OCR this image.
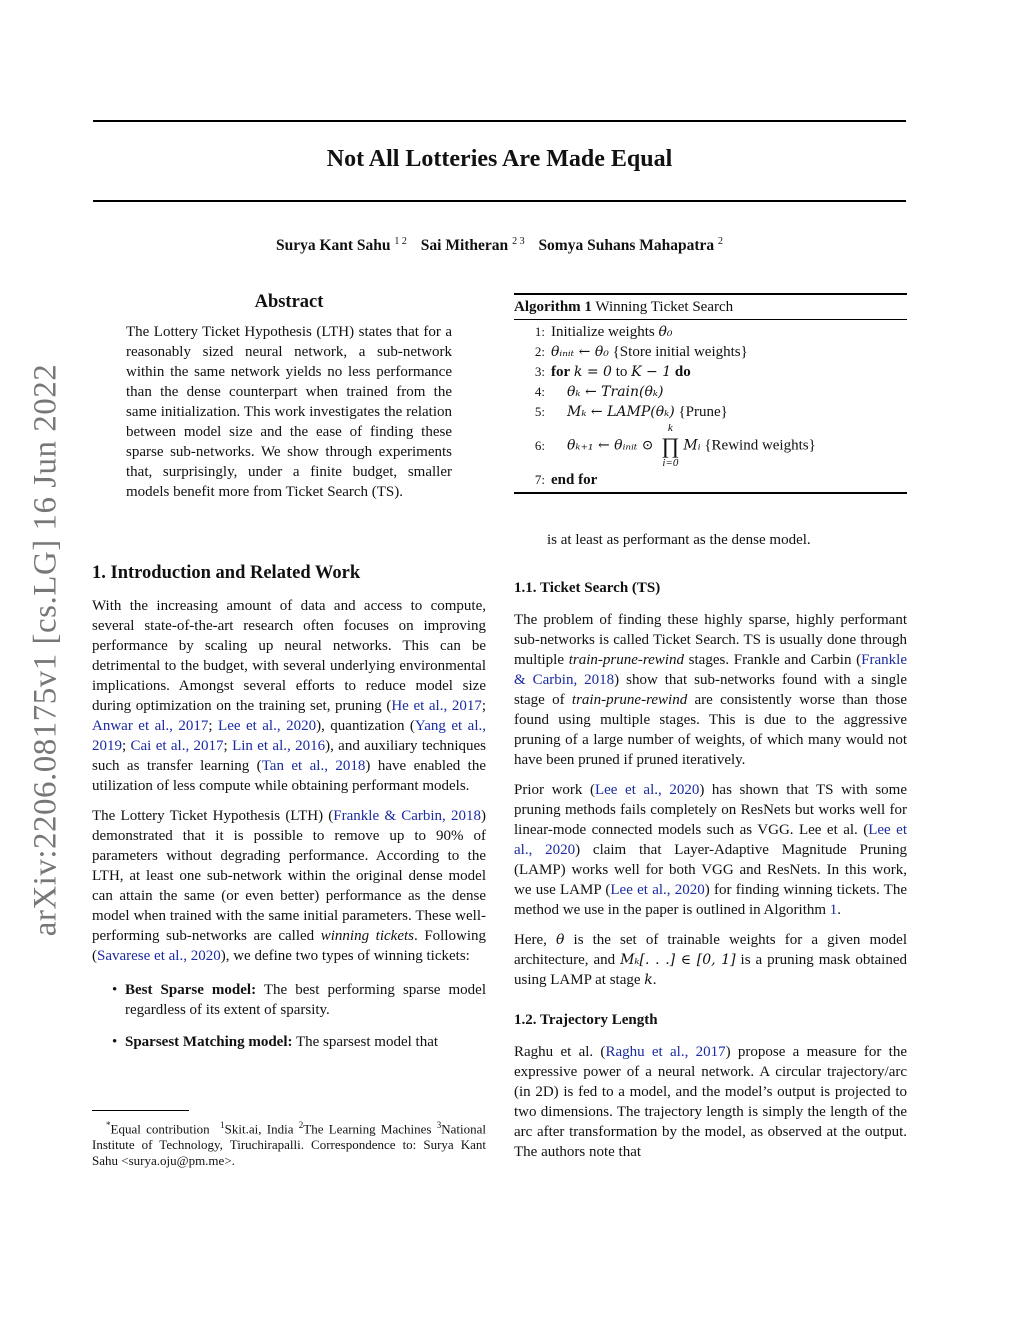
arXiv:2206.08175v1 [cs.LG] 16 Jun 2022
Not All Lotteries Are Made Equal
Surya Kant Sahu $^{1 2}$ Sai Mitheran $^{2 3}$ Somya Suhans Mahapatra $^2$
Abstract
The Lottery Ticket Hypothesis (LTH) states that for a reasonably sized neural network, a sub-network within the same network yields no less performance than the dense counterpart when trained from the same initialization. This work investigates the relation between model size and the ease of finding these sparse sub-networks. We show through experiments that, surprisingly, under a finite budget, smaller models benefit more from Ticket Search (TS).
1. Introduction and Related Work

With the increasing amount of data and access to compute, several state-of-the-art research often focuses on improving performance by scaling up neural networks. This can be detrimental to the budget, with several underlying environmental implications. Amongst several efforts to reduce model size during optimization on the training set, pruning (He et al., 2017; Anwar et al., 2017; Lee et al., 2020), quantization (Yang et al., 2019; Cai et al., 2017; Lin et al., 2016), and auxiliary techniques such as transfer learning (Tan et al., 2018) have enabled the utilization of less compute while obtaining performant models.

The Lottery Ticket Hypothesis (LTH) (Frankle & Carbin, 2018) demonstrated that it is possible to remove up to 90% of parameters without degrading performance. According to the LTH, at least one sub-network within the original dense model can attain the same (or even better) performance as the dense model when trained with the same initial parameters. These well-performing sub-networks are called winning tickets. Following (Savarese et al., 2020), we define two types of winning tickets:

• Best Sparse model: The best performing sparse model regardless of its extent of sparsity.
• Sparsest Matching model: The sparsest model that
*Equal contribution $^1$Skit.ai, India $^2$The Learning Machines $^3$National Institute of Technology, Tiruchirapalli. Correspondence to: Surya Kant Sahu <surya.oju@pm.me>.
Algorithm 1 Winning Ticket Search
1: Initialize weights θ₀
2: θᵢₙᵢₜ ← θ₀ {Store initial weights}
3: for k = 0 to K − 1 do
4:	θₖ ← Train(θₖ)
5:	Mₖ ← LAMP(θₖ) {Prune}
6:	θₖ₊₁ ← θᵢₙᵢₜ ⊙
k
∏
i=0
Mᵢ {Rewind weights}
7: end for
is at least as performant as the dense model.
1.1. Ticket Search (TS)

The problem of finding these highly sparse, highly performant sub-networks is called Ticket Search. TS is usually done through multiple train-prune-rewind stages. Frankle and Carbin (Frankle & Carbin, 2018) show that sub-networks found with a single stage of train-prune-rewind are consistently worse than those found using multiple stages. This is due to the aggressive pruning of a large number of weights, of which many would not have been pruned if pruned iteratively.

Prior work (Lee et al., 2020) has shown that TS with some pruning methods fails completely on ResNets but works well for linear-mode connected models such as VGG. Lee et al. (Lee et al., 2020) claim that Layer-Adaptive Magnitude Pruning (LAMP) works well for both VGG and ResNets. In this work, we use LAMP (Lee et al., 2020) for finding winning tickets. The method we use in the paper is outlined in Algorithm 1.

Here, θ is the set of trainable weights for a given model architecture, and Mₖ[. . .] ∈ [0, 1] is a pruning mask obtained using LAMP at stage k.

1.2. Trajectory Length

Raghu et al. (Raghu et al., 2017) propose a measure for the expressive power of a neural network. A circular trajectory/arc (in 2D) is fed to a model, and the model’s output is projected to two dimensions. The trajectory length is simply the length of the arc after transformation by the model, as observed at the output. The authors note that
